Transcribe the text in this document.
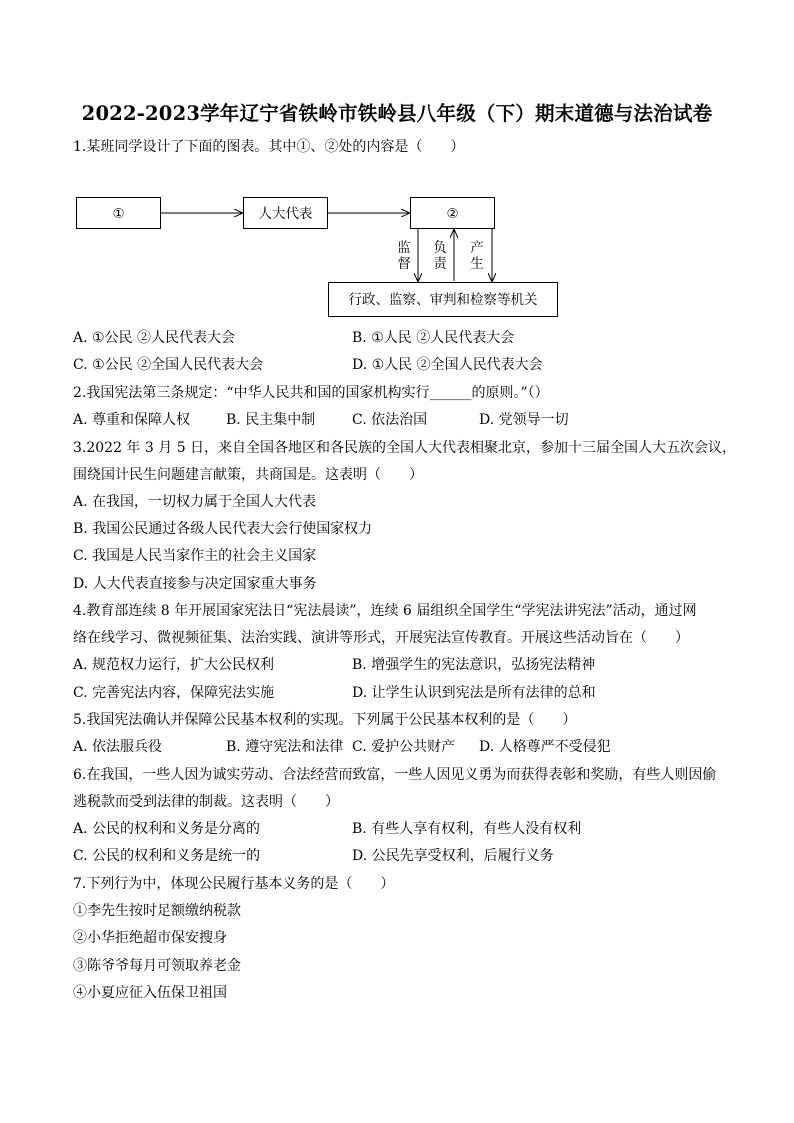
2022-2023学年辽宁省铁岭市铁岭县八年级（下）期末道德与法治试卷
1.某班同学设计了下面的图表。其中①、②处的内容是（　　）
①	人大代表	②
行政、监察、审判和检察等机关
监
督
负
责
产
生
A. ①公民 ②人民代表大会	B. ①人民 ②人民代表大会
C. ①公民 ②全国人民代表大会	D. ①人民 ②全国人民代表大会
2.我国宪法第三条规定：“中华人民共和国的国家机构实行______的原则。”（）
A. 尊重和保障人权	B. 民主集中制	C. 依法治国	D. 党领导一切
3.2022 年 3 月 5 日，来自全国各地区和各民族的全国人大代表相聚北京，参加十三届全国人大五次会议，
围绕国计民生问题建言献策，共商国是。这表明（　　）
A. 在我国，一切权力属于全国人大代表
B. 我国公民通过各级人民代表大会行使国家权力
C. 我国是人民当家作主的社会主义国家
D. 人大代表直接参与决定国家重大事务
4.教育部连续 8 年开展国家宪法日“宪法晨读”，连续 6 届组织全国学生“学宪法讲宪法”活动，通过网
络在线学习、微视频征集、法治实践、演讲等形式，开展宪法宣传教育。开展这些活动旨在（　　）
A. 规范权力运行，扩大公民权利	B. 增强学生的宪法意识，弘扬宪法精神
C. 完善宪法内容，保障宪法实施	D. 让学生认识到宪法是所有法律的总和
5.我国宪法确认并保障公民基本权利的实现。下列属于公民基本权利的是（　　）
A. 依法服兵役	B. 遵守宪法和法律 C. 爱护公共财产 D. 人格尊严不受侵犯
6.在我国，一些人因为诚实劳动、合法经营而致富，一些人因见义勇为而获得表彰和奖励，有些人则因偷
逃税款而受到法律的制裁。这表明（　　）
A. 公民的权利和义务是分离的	B. 有些人享有权利，有些人没有权利
C. 公民的权利和义务是统一的	D. 公民先享受权利，后履行义务
7.下列行为中，体现公民履行基本义务的是（　　）
①李先生按时足额缴纳税款
②小华拒绝超市保安搜身
③陈爷爷每月可领取养老金
④小夏应征入伍保卫祖国
